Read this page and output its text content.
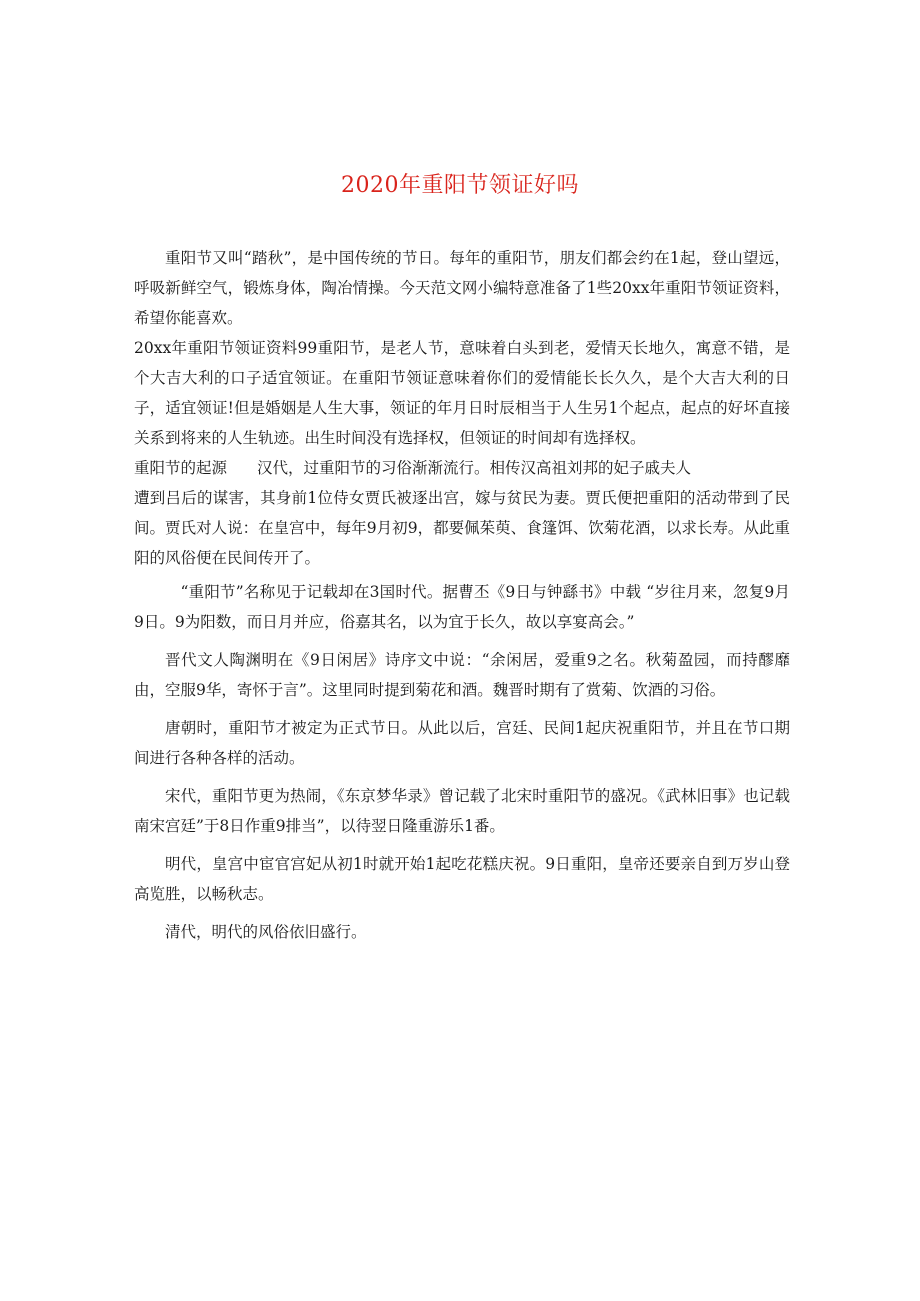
2020年重阳节领证好吗

重阳节又叫“踏秋”，是中国传统的节日。每年的重阳节，朋友们都会约在1起，登山望远，呼吸新鲜空气，锻炼身体，陶冶情操。今天范文网小编特意准备了1些20xx年重阳节领证资料，希望你能喜欢。

20xx年重阳节领证资料99重阳节，是老人节，意味着白头到老，爱情天长地久，寓意不错，是个大吉大利的口子适宜领证。在重阳节领证意味着你们的爱情能长长久久，是个大吉大利的日子，适宜领证!但是婚姻是人生大事，领证的年月日时辰相当于人生另1个起点，起点的好坏直接关系到将来的人生轨迹。出生时间没有选择权，但领证的时间却有选择权。

重阳节的起源 汉代，过重阳节的习俗渐渐流行。相传汉高祖刘邦的妃子戚夫人

遭到吕后的谋害，其身前1位侍女贾氏被逐出宫，嫁与贫民为妻。贾氏便把重阳的活动带到了民间。贾氏对人说：在皇宫中，每年9月初9，都要佩茱萸、食篷饵、饮菊花酒，以求长寿。从此重阳的风俗便在民间传开了。

“重阳节”名称见于记载却在3国时代。据曹丕《9日与钟繇书》中载 “岁往月来，忽复9月9日。9为阳数，而日月并应，俗嘉其名，以为宜于长久，故以享宴高会。”

晋代文人陶渊明在《9日闲居》诗序文中说：“余闲居，爱重9之名。秋菊盈园，而持醪靡由，空服9华，寄怀于言”。这里同时提到菊花和酒。魏晋时期有了赏菊、饮酒的习俗。

唐朝时，重阳节才被定为正式节日。从此以后，宫廷、民间1起庆祝重阳节，并且在节口期间进行各种各样的活动。

宋代，重阳节更为热闹，《东京梦华录》曾记载了北宋时重阳节的盛况。《武林旧事》也记载南宋宫廷”于8日作重9排当”，以待翌日隆重游乐1番。

明代，皇宫中宦官宫妃从初1时就开始1起吃花糕庆祝。9日重阳，皇帝还要亲自到万岁山登高览胜，以畅秋志。

清代，明代的风俗依旧盛行。
